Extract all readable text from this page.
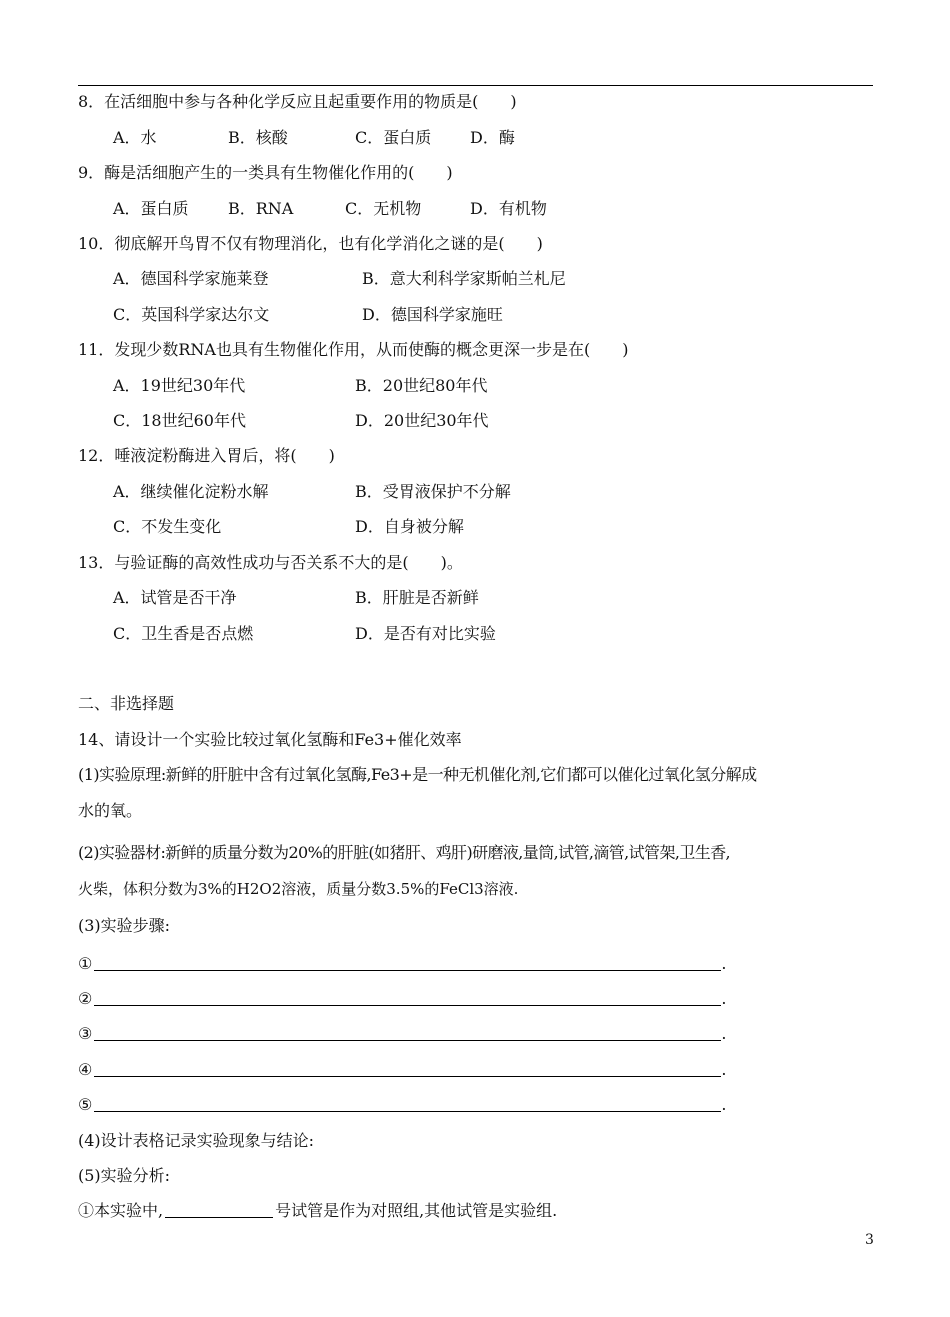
8．在活细胞中参与各种化学反应且起重要作用的物质是(　　)
A．水	B．核酸	C．蛋白质 D．酶
9．酶是活细胞产生的一类具有生物催化作用的(　　)
A．蛋白质 B．RNA	C．无机物	D．有机物
10．彻底解开鸟胃不仅有物理消化，也有化学消化之谜的是(　　)
A．德国科学家施莱登	B．意大利科学家斯帕兰札尼
C．英国科学家达尔文	D．德国科学家施旺
11．发现少数RNA也具有生物催化作用，从而使酶的概念更深一步是在(　　)
A．19世纪30年代	B．20世纪80年代
C．18世纪60年代	D．20世纪30年代
12．唾液淀粉酶进入胃后，将(　　)
A．继续催化淀粉水解	B．受胃液保护不分解
C．不发生变化	D．自身被分解
13．与验证酶的高效性成功与否关系不大的是(　　)。
A．试管是否干净	B．肝脏是否新鲜
C．卫生香是否点燃	D．是否有对比实验
二、非选择题
14、请设计一个实验比较过氧化氢酶和Fe3+催化效率
(1)实验原理:新鲜的肝脏中含有过氧化氢酶,Fe3+是一种无机催化剂,它们都可以催化过氧化氢分解成
水的氧。
(2)实验器材:新鲜的质量分数为20%的肝脏(如猪肝、鸡肝)研磨液,量筒,试管,滴管,试管架,卫生香,
火柴，体积分数为3%的H2O2溶液，质量分数3.5%的FeCl3溶液.
(3)实验步骤:
①	.
②	.
③	.
④	.
⑤	.
(4)设计表格记录实验现象与结论:
(5)实验分析:
①本实验中,	号试管是作为对照组,其他试管是实验组.
3
